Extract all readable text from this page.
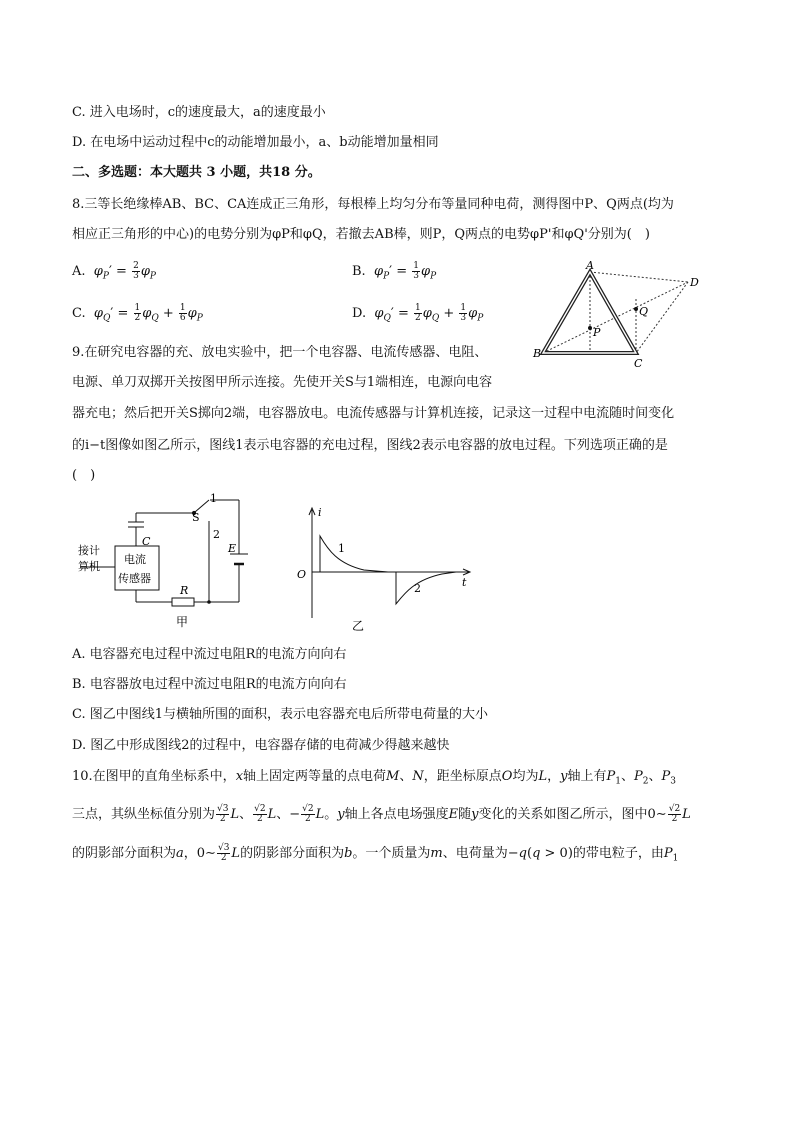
C. 进入电场时，c的速度最大，a的速度最小
D. 在电场中运动过程中c的动能增加最小，a、b动能增加量相同
二、多选题：本大题共 3 小题，共18 分。
8.三等长绝缘棒AB、BC、CA连成正三角形，每根棒上均匀分布等量同种电荷，测得图中P、Q两点(均为
相应正三角形的中心)的电势分别为φP和φQ，若撤去AB棒，则P，Q两点的电势φP'和φQ'分别为(　)
A.  $\varphi_P' = \frac{2}{3} \varphi_P$	B.  $\varphi_P' = \frac{1}{3} \varphi_P$
C.  $\varphi_Q' = \frac{1}{2} \varphi_Q + \frac{1}{6} \varphi_P$	D.  $\varphi_Q' = \frac{1}{2} \varphi_Q + \frac{1}{3} \varphi_P$
A
B
C
D
P
Q
9.在研究电容器的充、放电实验中，把一个电容器、电流传感器、电阻、
电源、单刀双掷开关按图甲所示连接。先使开关S与1端相连，电源向电容
器充电；然后把开关S掷向2端，电容器放电。电流传感器与计算机连接，记录这一过程中电流随时间变化
的i−t图像如图乙所示，图线1表示电容器的充电过程，图线2表示电容器的放电过程。下列选项正确的是
(　)
S
1
2
C
E
R
电流
传感器
接计
算机
甲
i
O
t
1
2
乙
A. 电容器充电过程中流过电阻R的电流方向向右
B. 电容器放电过程中流过电阻R的电流方向向右
C. 图乙中图线1与横轴所围的面积，表示电容器充电后所带电荷量的大小
D. 图乙中形成图线2的过程中，电容器存储的电荷减少得越来越快
10.在图甲的直角坐标系中，x轴上固定两等量的点电荷M、N，距坐标原点O均为L，y轴上有$P_1$、$P_2$、$P_3$
三点，其纵坐标值分别为 $\frac{√3}{2}$ L、 $\frac{√2}{2}$ L、− $\frac{√2}{2}$ L。y轴上各点电场强度E随y变化的关系如图乙所示，图中0∼ $\frac{√2}{2}$ L
的阴影部分面积为a，0∼ $\frac{√3}{2}$ L的阴影部分面积为b。一个质量为m、电荷量为−q(q > 0)的带电粒子，由$P_1$
